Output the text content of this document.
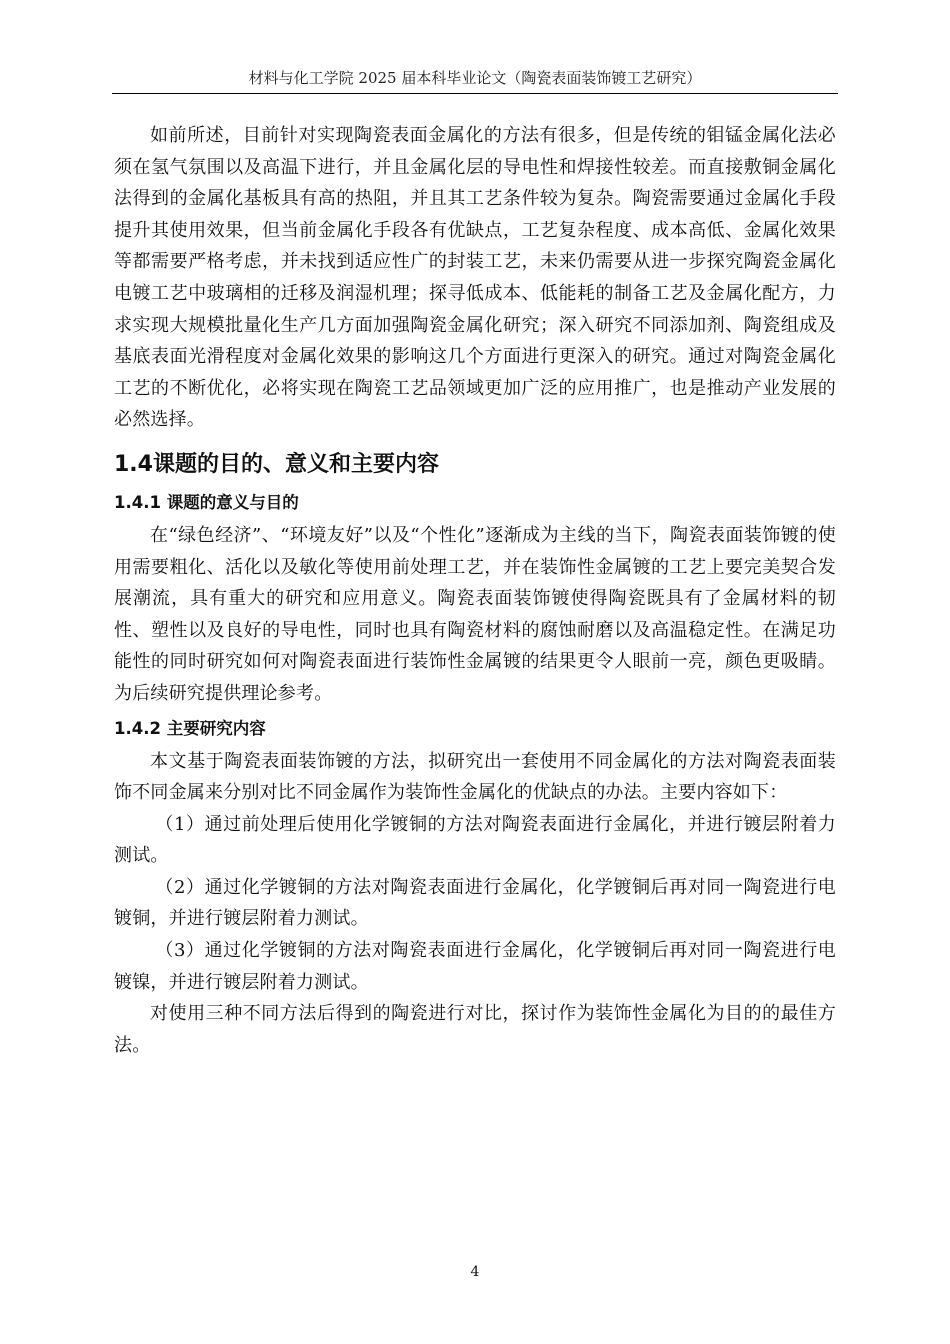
材料与化工学院 2025 届本科毕业论文（陶瓷表面装饰镀工艺研究）

如前所述，目前针对实现陶瓷表面金属化的方法有很多，但是传统的钼锰金属化法必须在氢气氛围以及高温下进行，并且金属化层的导电性和焊接性较差。而直接敷铜金属化法得到的金属化基板具有高的热阻，并且其工艺条件较为复杂。陶瓷需要通过金属化手段提升其使用效果，但当前金属化手段各有优缺点，工艺复杂程度、成本高低、金属化效果等都需要严格考虑，并未找到适应性广的封装工艺，未来仍需要从进一步探究陶瓷金属化电镀工艺中玻璃相的迁移及润湿机理；探寻低成本、低能耗的制备工艺及金属化配方，力求实现大规模批量化生产几方面加强陶瓷金属化研究；深入研究不同添加剂、陶瓷组成及基底表面光滑程度对金属化效果的影响这几个方面进行更深入的研究。通过对陶瓷金属化工艺的不断优化，必将实现在陶瓷工艺品领域更加广泛的应用推广，也是推动产业发展的必然选择。

1.4课题的目的、意义和主要内容
1.4.1 课题的意义与目的

在“绿色经济”、“环境友好”以及“个性化”逐渐成为主线的当下，陶瓷表面装饰镀的使用需要粗化、活化以及敏化等使用前处理工艺，并在装饰性金属镀的工艺上要完美契合发展潮流，具有重大的研究和应用意义。陶瓷表面装饰镀使得陶瓷既具有了金属材料的韧性、塑性以及良好的导电性，同时也具有陶瓷材料的腐蚀耐磨以及高温稳定性。在满足功能性的同时研究如何对陶瓷表面进行装饰性金属镀的结果更令人眼前一亮，颜色更吸睛。为后续研究提供理论参考。

1.4.2 主要研究内容

本文基于陶瓷表面装饰镀的方法，拟研究出一套使用不同金属化的方法对陶瓷表面装饰不同金属来分别对比不同金属作为装饰性金属化的优缺点的办法。主要内容如下：

（1）通过前处理后使用化学镀铜的方法对陶瓷表面进行金属化，并进行镀层附着力测试。

（2）通过化学镀铜的方法对陶瓷表面进行金属化，化学镀铜后再对同一陶瓷进行电镀铜，并进行镀层附着力测试。

（3）通过化学镀铜的方法对陶瓷表面进行金属化，化学镀铜后再对同一陶瓷进行电镀镍，并进行镀层附着力测试。

对使用三种不同方法后得到的陶瓷进行对比，探讨作为装饰性金属化为目的的最佳方法。

4
